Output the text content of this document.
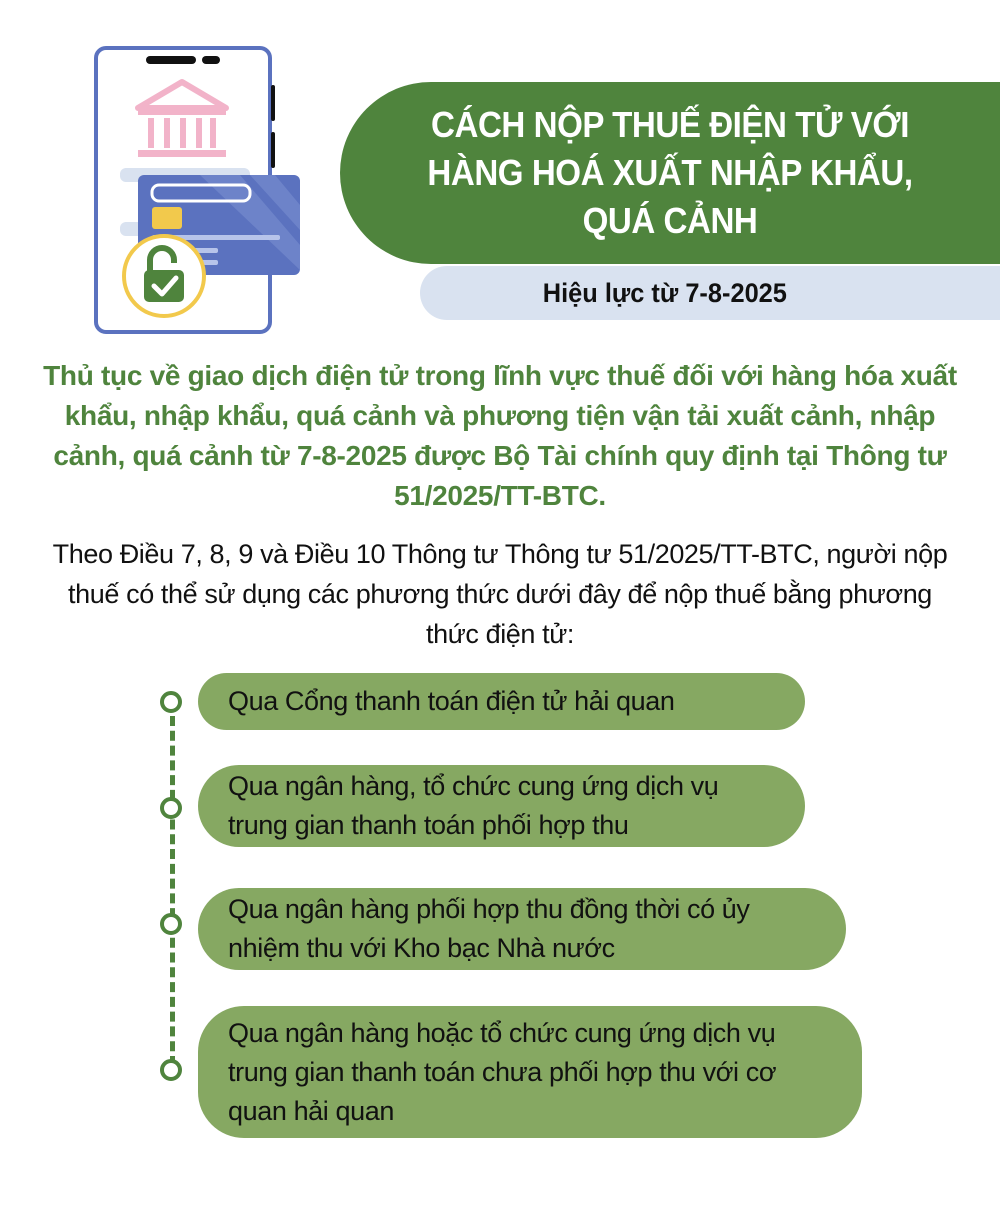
CÁCH NỘP THUẾ ĐIỆN TỬ VỚI HÀNG HOÁ XUẤT NHẬP KHẨU, QUÁ CẢNH
Hiệu lực từ 7-8-2025
Thủ tục về giao dịch điện tử trong lĩnh vực thuế đối với hàng hóa xuất khẩu, nhập khẩu, quá cảnh và phương tiện vận tải xuất cảnh, nhập cảnh, quá cảnh từ 7-8-2025 được Bộ Tài chính quy định tại Thông tư 51/2025/TT-BTC.
Theo Điều 7, 8, 9 và Điều 10 Thông tư Thông tư 51/2025/TT-BTC, người nộp thuế có thể sử dụng các phương thức dưới đây để nộp thuế bằng phương thức điện tử:
Qua Cổng thanh toán điện tử hải quan
Qua ngân hàng, tổ chức cung ứng dịch vụ trung gian thanh toán phối hợp thu
Qua ngân hàng phối hợp thu đồng thời có ủy nhiệm thu với Kho bạc Nhà nước
Qua ngân hàng hoặc tổ chức cung ứng dịch vụ trung gian thanh toán chưa phối hợp thu với cơ quan hải quan
